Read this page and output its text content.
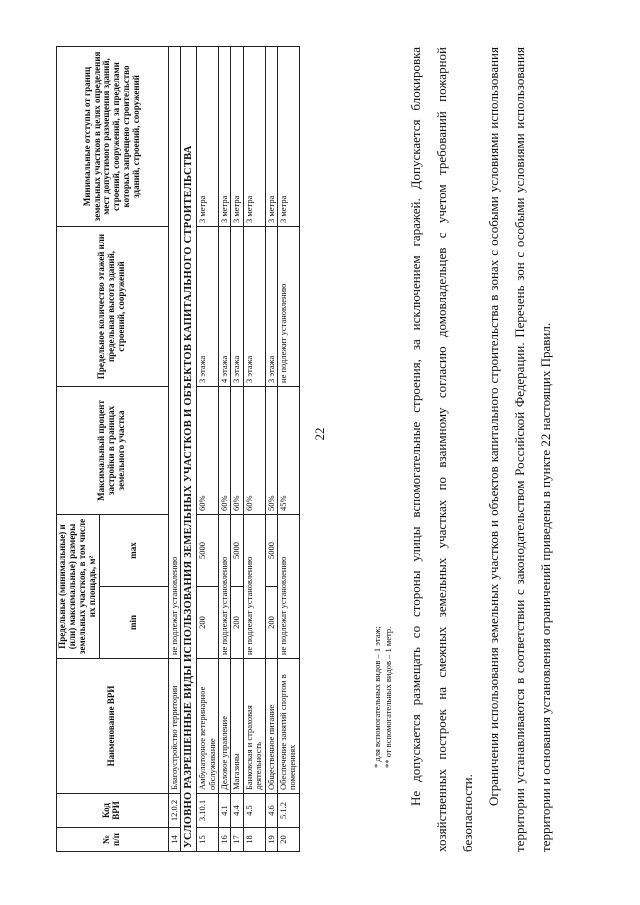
22
№ п/п	Код ВРИ	Наименование ВРИ	Предельные (минимальные) и (или) максимальные) размеры земельных участков, в том числе их площадь, м²		Максимальный процент застройки в границах земельного участка	Предельное количество этажей или предельная высота зданий, строений, сооружений	Минимальные отступы от границ земельных участков в целях определения мест допустимого размещения зданий, строений, сооружений, за пределами которых запрещено строительство зданий, строений, сооружений
			min	max			
14	12.0.2	Благоустройство территории	не подлежат установлению				
УСЛОВНО РАЗРЕШЕННЫЕ ВИДЫ ИСПОЛЬЗОВАНИЯ ЗЕМЕЛЬНЫХ УЧАСТКОВ И ОБЪЕКТОВ КАПИТАЛЬНОГО СТРОИТЕЛЬСТВА							
15	3.10.1	Амбулаторное ветеринарное обслуживание	200	5000	60%	3 этажа	3 метра
16	4.1	Деловое управление	не подлежат установлению		60%	4 этажа	3 метра
17	4.4	Магазины	200	5000	60%	3 этажа	3 метра
18	4.5	Банковская и страховая деятельность	не подлежат установлению		60%	3 этажа	3 метра
19	4.6	Общественное питание	200	5000	50%	3 этажа	3 метра
20	5.1.2	Обеспечение занятий спортом в помещениях	не подлежат установлению		45%	не подлежит установлению	3 метра
* для вспомогательных видов – 1 этаж; ** от вспомогательных видов – 1 метр.	Не допускается размещать со стороны улицы вспомогательные строения, за исключением гаражей. Допускается блокировка хозяйственных построек на смежных земельных участках по взаимному согласию домовладельцев с учетом требований пожарной безопасности.

Ограничения использования земельных участков и объектов капитального строительства в зонах с особыми условиями использования территории устанавливаются в соответствии с законодательством Российской Федерации. Перечень зон с особыми условиями использования территории и основания установления ограничений приведены в пункте 22 настоящих Правил.
